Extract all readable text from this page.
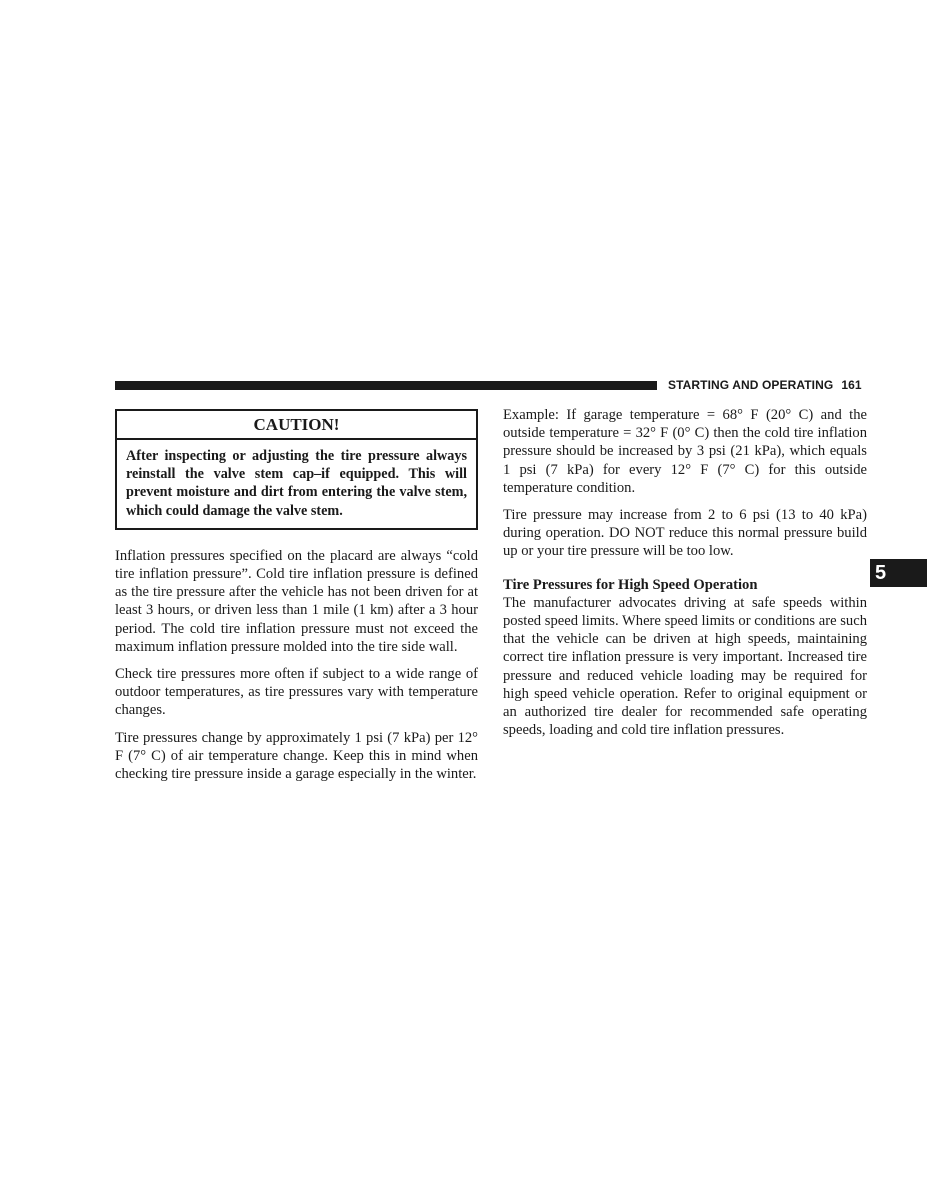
STARTING AND OPERATING 161
CAUTION!
After inspecting or adjusting the tire pressure always reinstall the valve stem cap–if equipped. This will prevent moisture and dirt from entering the valve stem, which could damage the valve stem.

Inflation pressures specified on the placard are always “cold tire inflation pressure”. Cold tire inflation pressure is defined as the tire pressure after the vehicle has not been driven for at least 3 hours, or driven less than 1 mile (1 km) after a 3 hour period. The cold tire inflation pressure must not exceed the maximum inflation pressure molded into the tire side wall.

Check tire pressures more often if subject to a wide range of outdoor temperatures, as tire pressures vary with temperature changes.

Tire pressures change by approximately 1 psi (7 kPa) per 12° F (7° C) of air temperature change. Keep this in mind when checking tire pressure inside a garage especially in the winter.

Example: If garage temperature = 68° F (20° C) and the outside temperature = 32° F (0° C) then the cold tire inflation pressure should be increased by 3 psi (21 kPa), which equals 1 psi (7 kPa) for every 12° F (7° C) for this outside temperature condition.

Tire pressure may increase from 2 to 6 psi (13 to 40 kPa) during operation. DO NOT reduce this normal pressure build up or your tire pressure will be too low.

Tire Pressures for High Speed Operation

The manufacturer advocates driving at safe speeds within posted speed limits. Where speed limits or conditions are such that the vehicle can be driven at high speeds, maintaining correct tire inflation pressure is very important. Increased tire pressure and reduced vehicle loading may be required for high speed vehicle operation. Refer to original equipment or an authorized tire dealer for recommended safe operating speeds, loading and cold tire inflation pressures.

5
